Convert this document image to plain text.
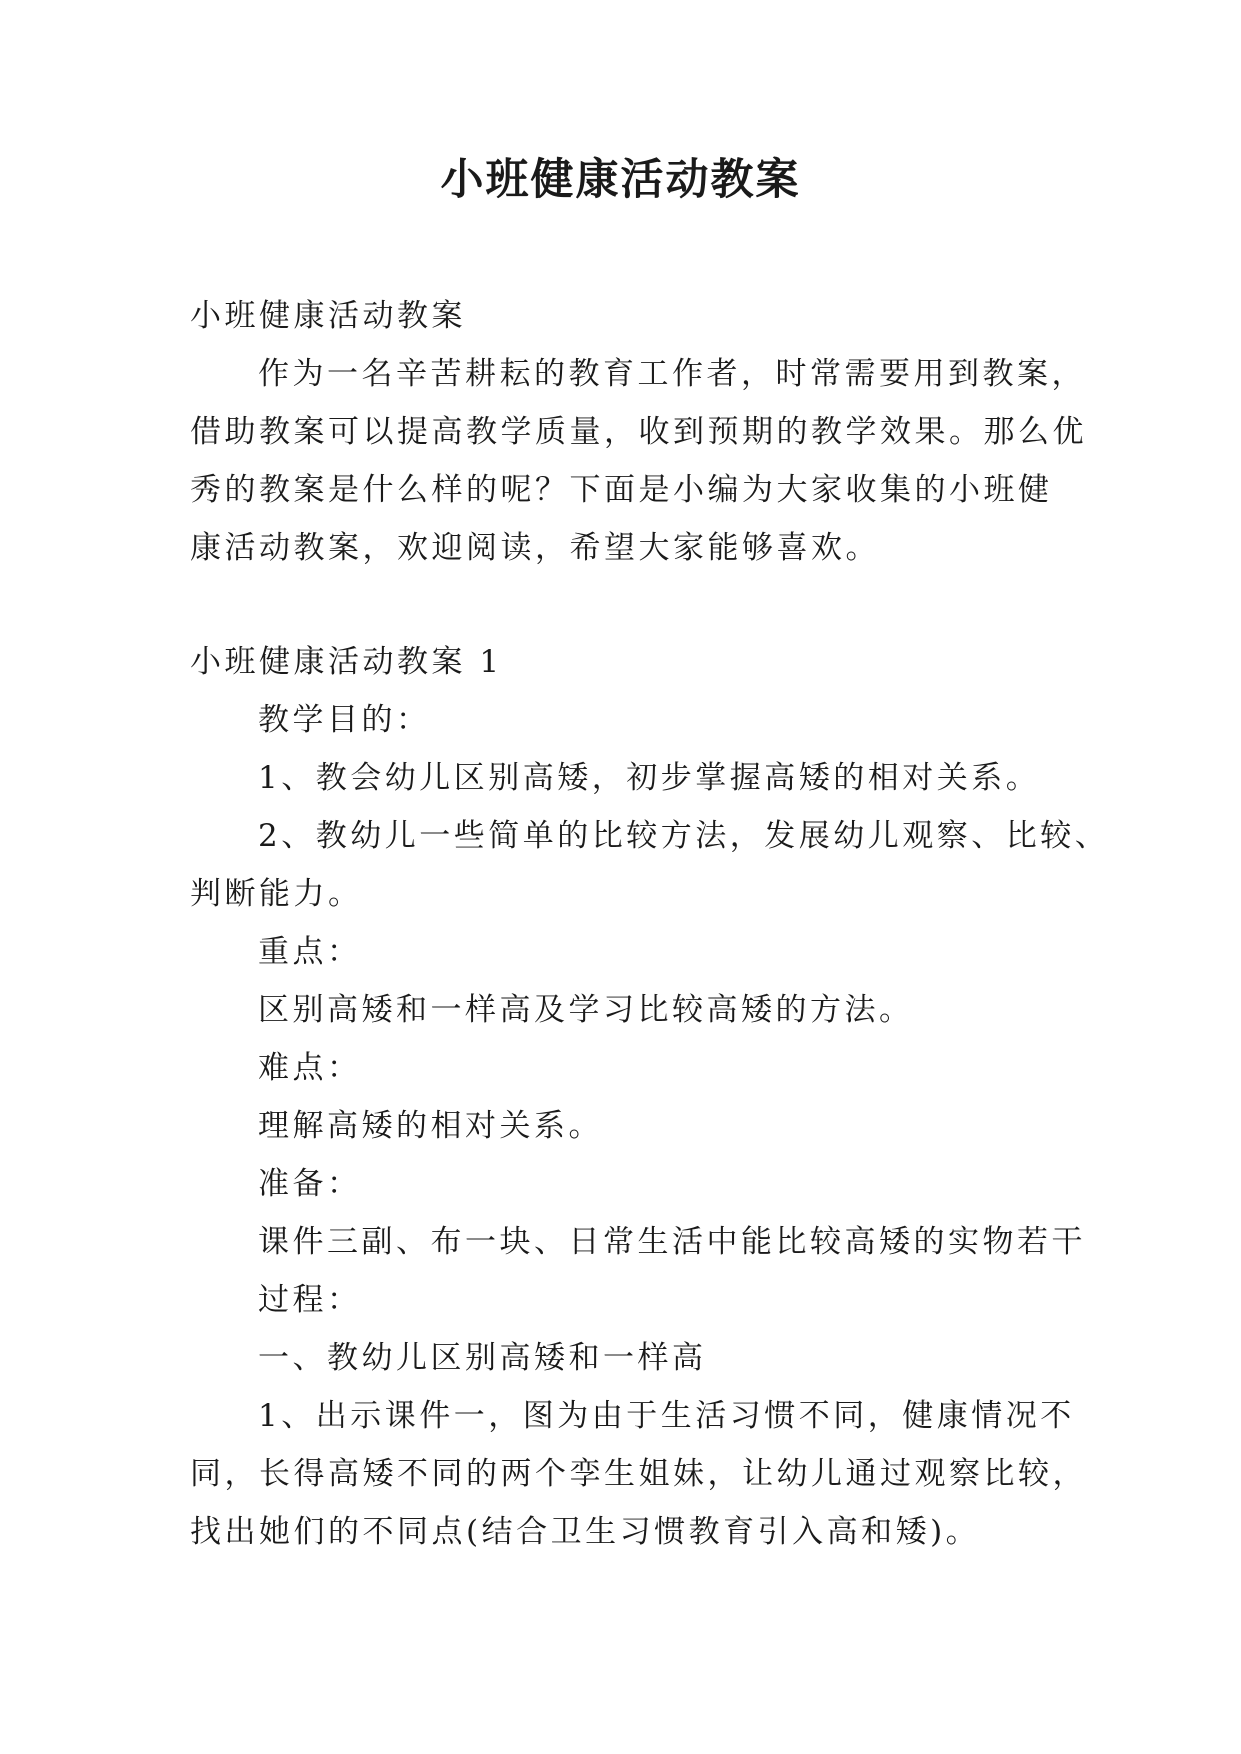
小班健康活动教案
小班健康活动教案
作为一名辛苦耕耘的教育工作者，时常需要用到教案，
借助教案可以提高教学质量，收到预期的教学效果。那么优
秀的教案是什么样的呢？下面是小编为大家收集的小班健
康活动教案，欢迎阅读，希望大家能够喜欢。
小班健康活动教案 1
教学目的：
1、教会幼儿区别高矮，初步掌握高矮的相对关系。
2、教幼儿一些简单的比较方法，发展幼儿观察、比较、
判断能力。
重点：
区别高矮和一样高及学习比较高矮的方法。
难点：
理解高矮的相对关系。
准备：
课件三副、布一块、日常生活中能比较高矮的实物若干
过程：
一、教幼儿区别高矮和一样高
1、出示课件一，图为由于生活习惯不同，健康情况不
同，长得高矮不同的两个孪生姐妹，让幼儿通过观察比较，
找出她们的不同点(结合卫生习惯教育引入高和矮)。
